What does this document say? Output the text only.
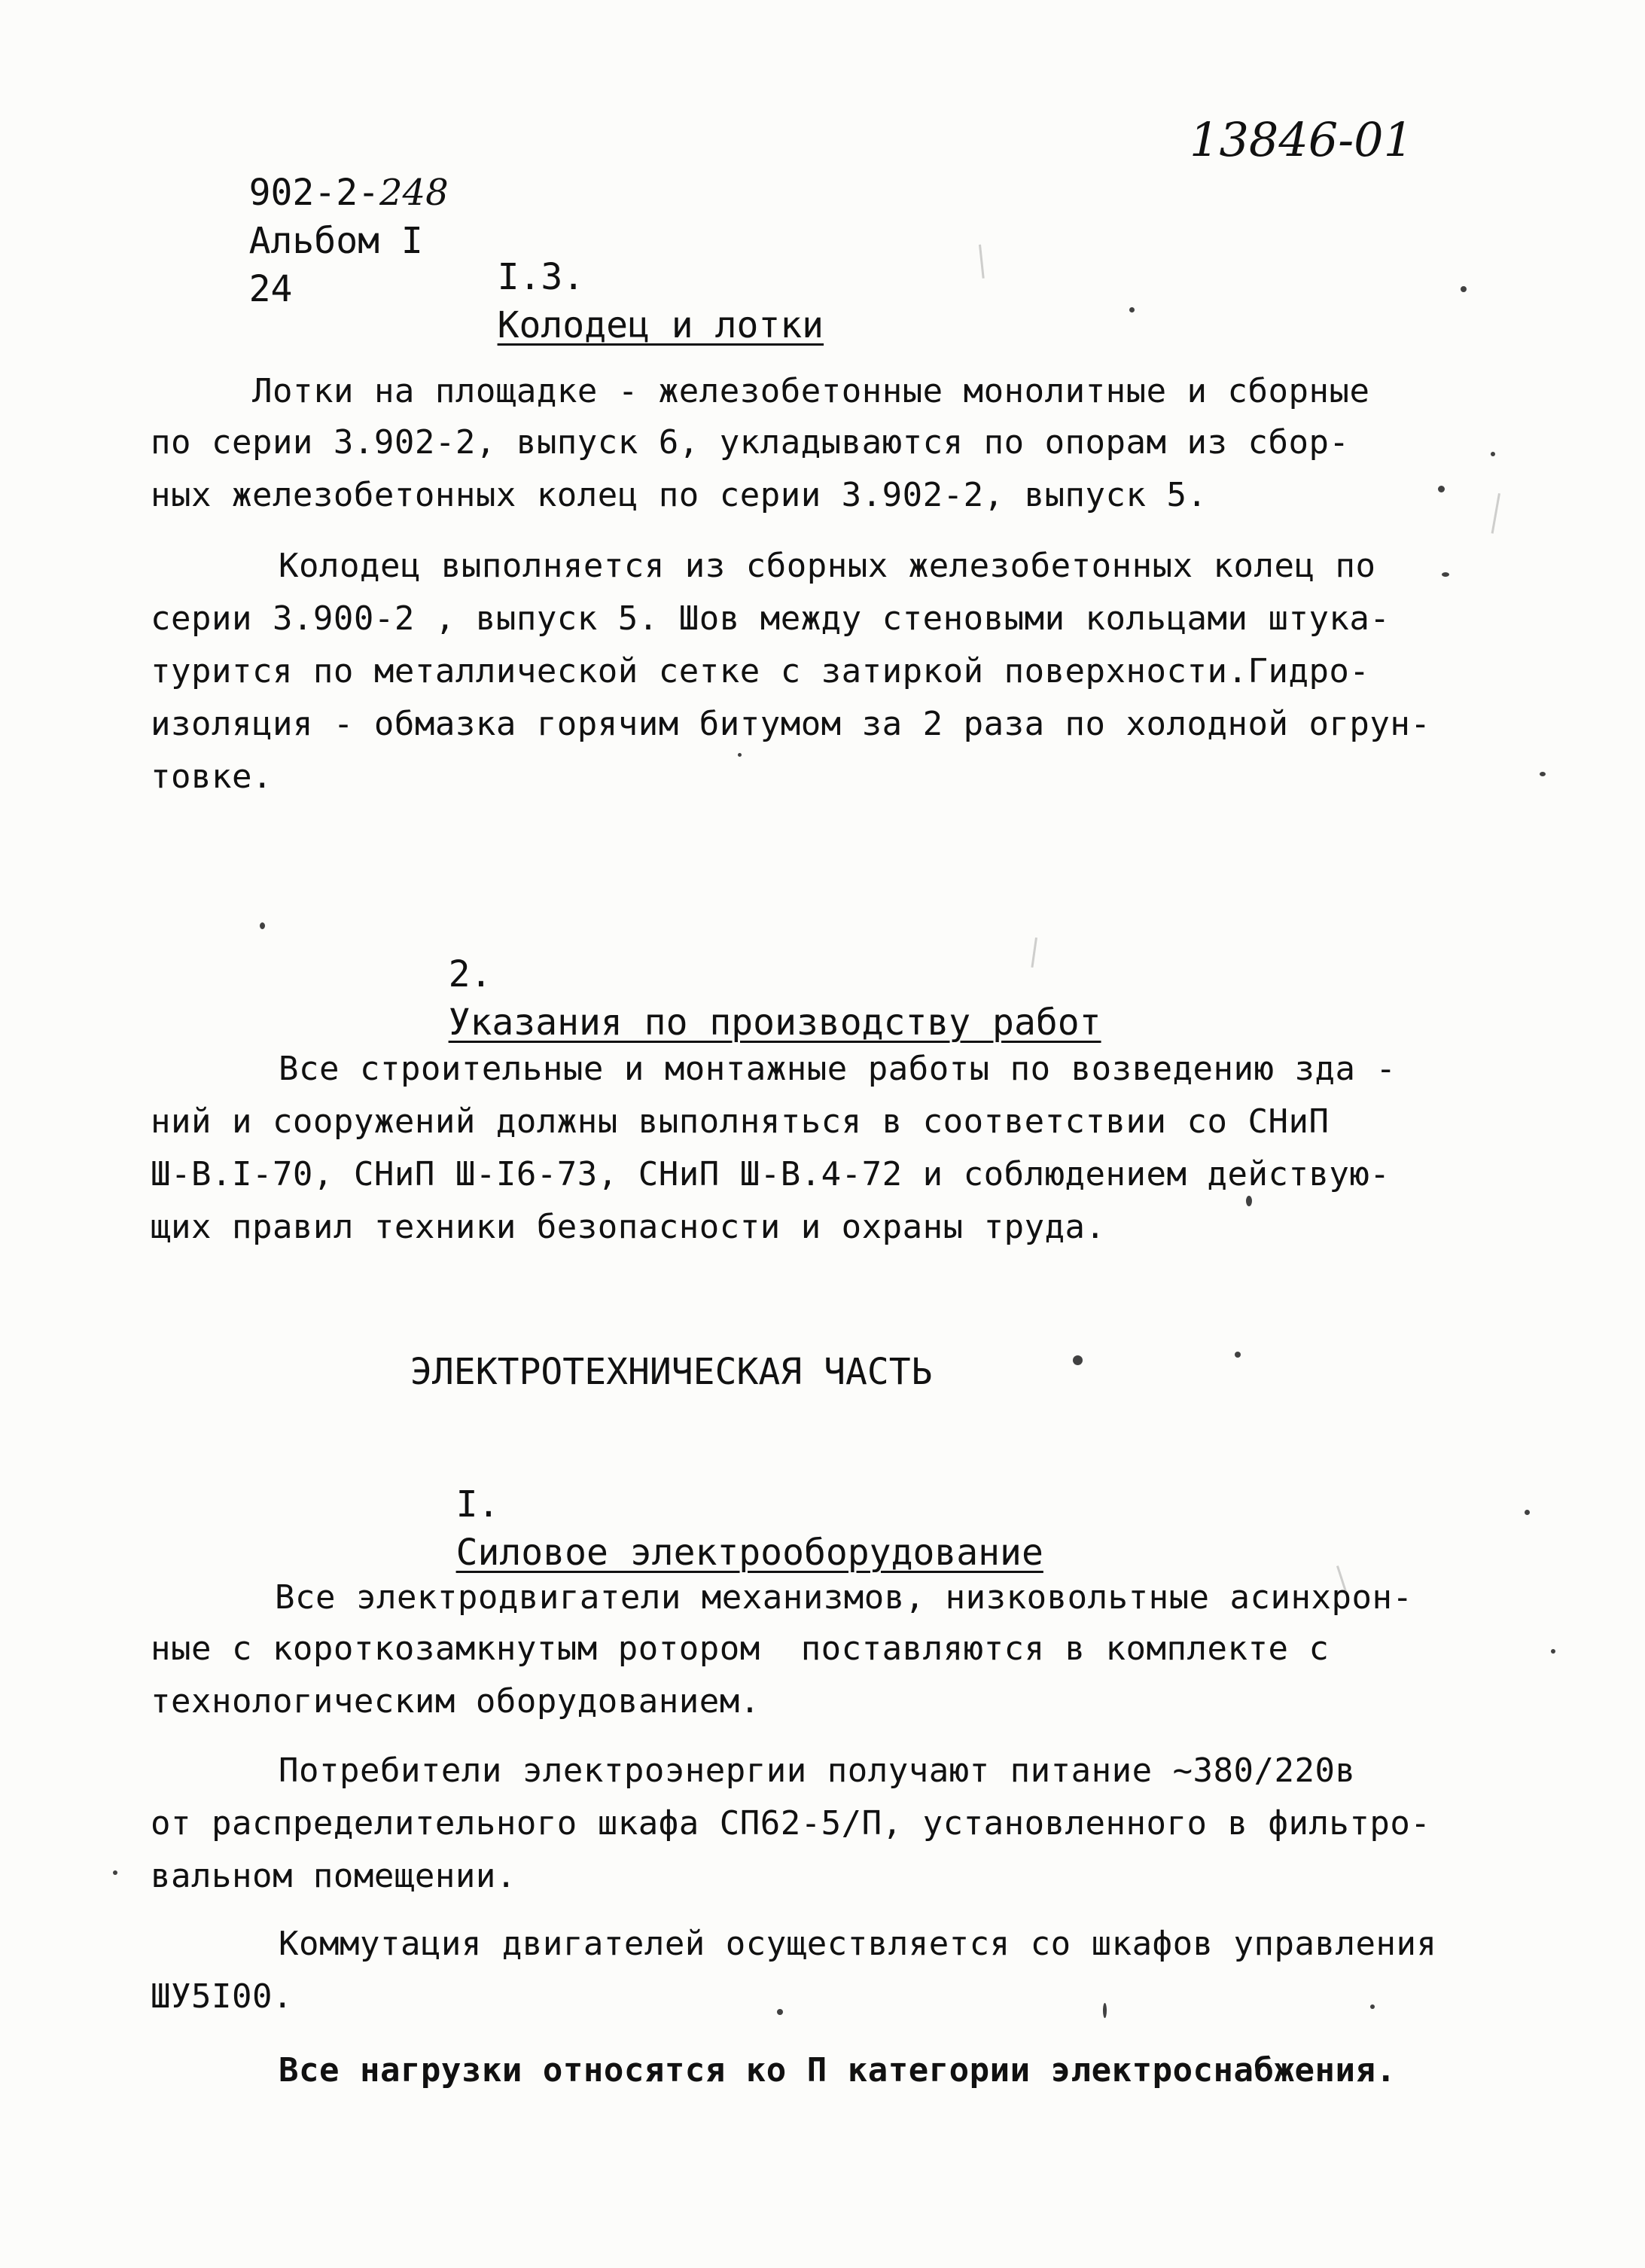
902-2-248
Альбом I
24

13846-01

I.3.
Колодец и лотки

Лотки на площадке - железобетонные монолитные и сборные
по серии 3.902-2, выпуск 6, укладываются по опорам из сбор-
ных железобетонных колец по серии 3.902-2, выпуск 5.
Колодец выполняется из сборных железобетонных колец по
серии 3.900-2 , выпуск 5. Шов между стеновыми кольцами штука-
турится по металлической сетке с затиркой поверхности.Гидро-
изоляция - обмазка горячим битумом за 2 раза по холодной огрун-
товке.

2.
Указания по производству работ

Все строительные и монтажные работы по возведению зда -
ний и сооружений должны выполняться в соответствии со СНиП
Ш-В.I-70, СНиП Ш-I6-73, СНиП Ш-В.4-72 и соблюдением действую-
щих правил техники безопасности и охраны труда.
ЭЛЕКТРОТЕХНИЧЕСКАЯ ЧАСТЬ

I.
Силовое электрооборудование

Все электродвигатели механизмов, низковольтные асинхрон-
ные с короткозамкнутым ротором  поставляются в комплекте с
технологическим оборудованием.
Потребители электроэнергии получают питание ~380/220в
от распределительного шкафа СП62-5/П, установленного в фильтро-
вальном помещении.
Коммутация двигателей осуществляется со шкафов управления
ШУ5I00.
Все нагрузки относятся ко П категории электроснабжения.
